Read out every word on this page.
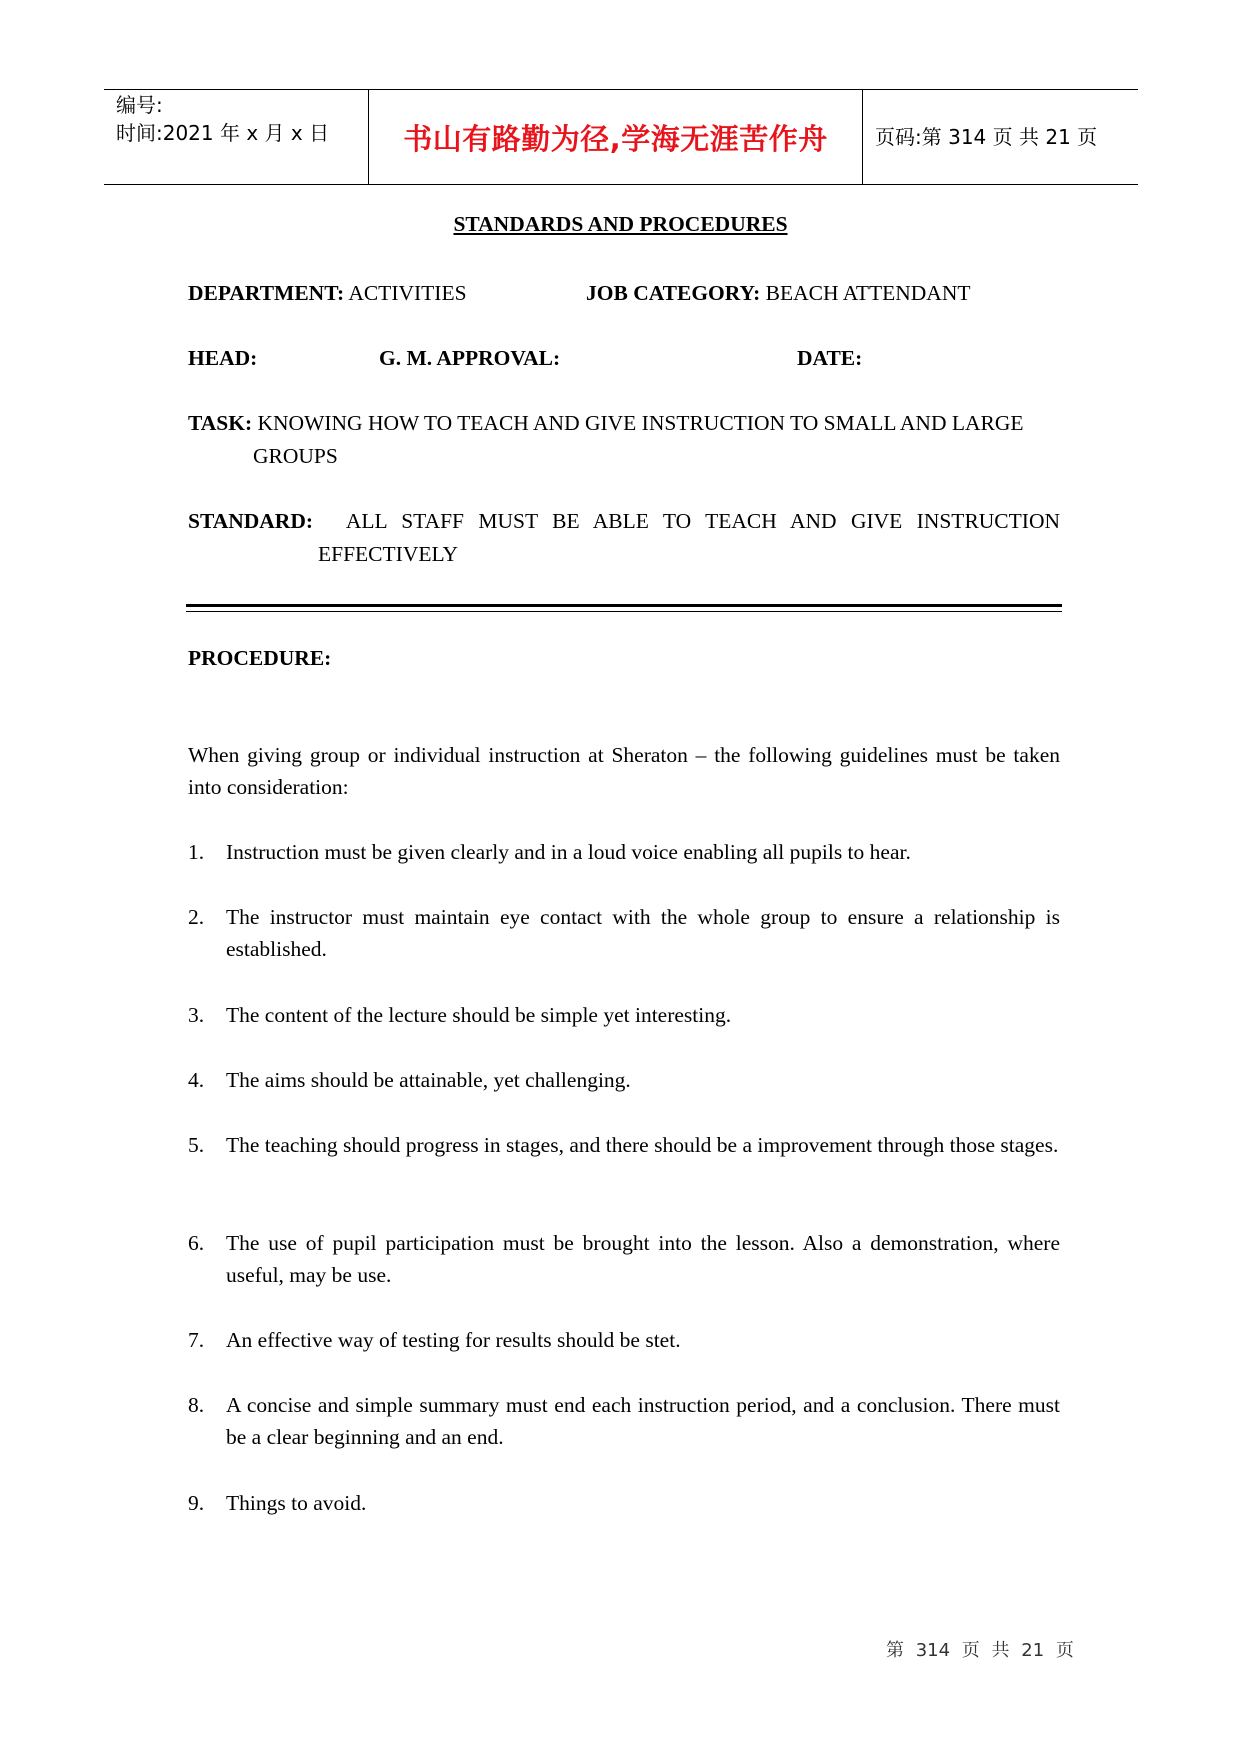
编号:
时间:2021 年 x 月 x 日	书山有路勤为径,学海无涯苦作舟 页码:第 314 页 共 21 页
STANDARDS AND PROCEDURES
DEPARTMENT: ACTIVITIES	JOB CATEGORY: BEACH ATTENDANT
HEAD:	G. M. APPROVAL:	DATE:
TASK: KNOWING HOW TO TEACH AND GIVE INSTRUCTION TO SMALL AND LARGE
GROUPS
STANDARD: ALL STAFF MUST BE ABLE TO TEACH AND GIVE INSTRUCTION
EFFECTIVELY
PROCEDURE:
When giving group or individual instruction at Sheraton – the following guidelines must be taken into consideration:
1. Instruction must be given clearly and in a loud voice enabling all pupils to hear.
2. The instructor must maintain eye contact with the whole group to ensure a relationship is established.
3. The content of the lecture should be simple yet interesting.
4. The aims should be attainable, yet challenging.
5. The teaching should progress in stages, and there should be a improvement through those stages.
6. The use of pupil participation must be brought into the lesson. Also a demonstration, where useful, may be use.
7. An effective way of testing for results should be stet.
8. A concise and simple summary must end each instruction period, and a conclusion. There must be a clear beginning and an end.
9. Things to avoid.
第 314 页 共 21 页
